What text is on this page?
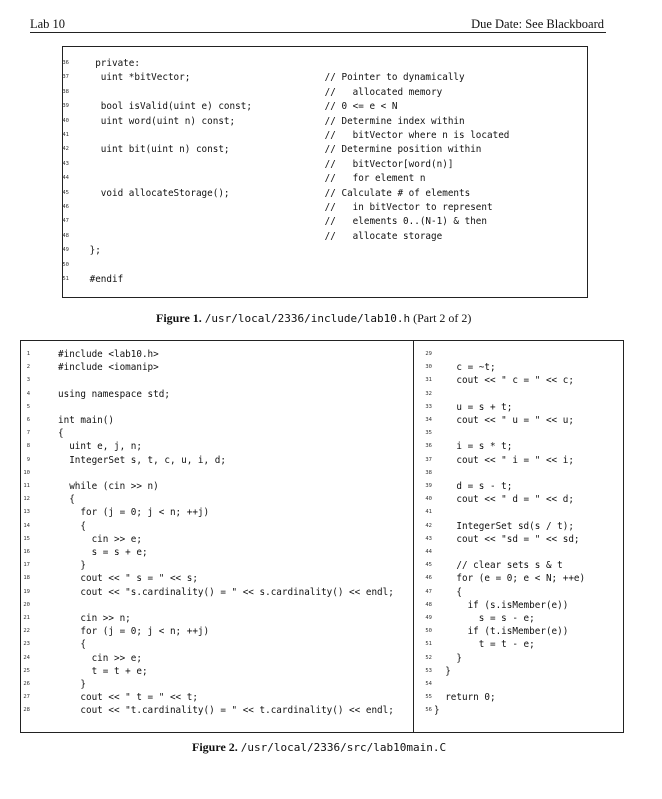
Lab 10	Due Date: See Blackboard
36 private:
37 uint *bitVector;                        // Pointer to dynamically
38 //   allocated memory
39 bool isValid(uint e) const;             // 0 <= e < N
40 uint word(uint n) const;                // Determine index within
41 //   bitVector where n is located
42 uint bit(uint n) const;                 // Determine position within
43 //   bitVector[word(n)]
44 //   for element n
45 void allocateStorage();                 // Calculate # of elements
46 //   in bitVector to represent
47 //   elements 0..(N-1) & then
48 //   allocate storage
49 };
50
51 #endif
Figure 1. /usr/local/2336/include/lab10.h (Part 2 of 2)
1	#include <lab10.h>
2	#include <iomanip>
3
4	using namespace std;
5
6	int main()
7	{
8	uint e, j, n;
9	IntegerSet s, t, c, u, i, d;
10
11	while (cin >> n)
12	{
13	for (j = 0; j < n; ++j)
14	{
15	cin >> e;
16	s = s + e;
17	}
18	cout << " s = " << s;
19	cout << "s.cardinality() = " << s.cardinality() << endl;
20
21	cin >> n;
22	for (j = 0; j < n; ++j)
23	{
24	cin >> e;
25	t = t + e;
26	}
27	cout << " t = " << t;
28	cout << "t.cardinality() = " << t.cardinality() << endl;
29
30 c = ~t;
31 cout << " c = " << c;
32
33 u = s + t;
34 cout << " u = " << u;
35
36 i = s * t;
37 cout << " i = " << i;
38
39 d = s - t;
40 cout << " d = " << d;
41
42 IntegerSet sd(s / t);
43 cout << "sd = " << sd;
44
45 // clear sets s & t
46 for (e = 0; e < N; ++e)
47 {
48 if (s.isMember(e))
49 s = s - e;
50 if (t.isMember(e))
51 t = t - e;
52 }
53 }
54
55 return 0;
56 }
Figure 2. /usr/local/2336/src/lab10main.C
